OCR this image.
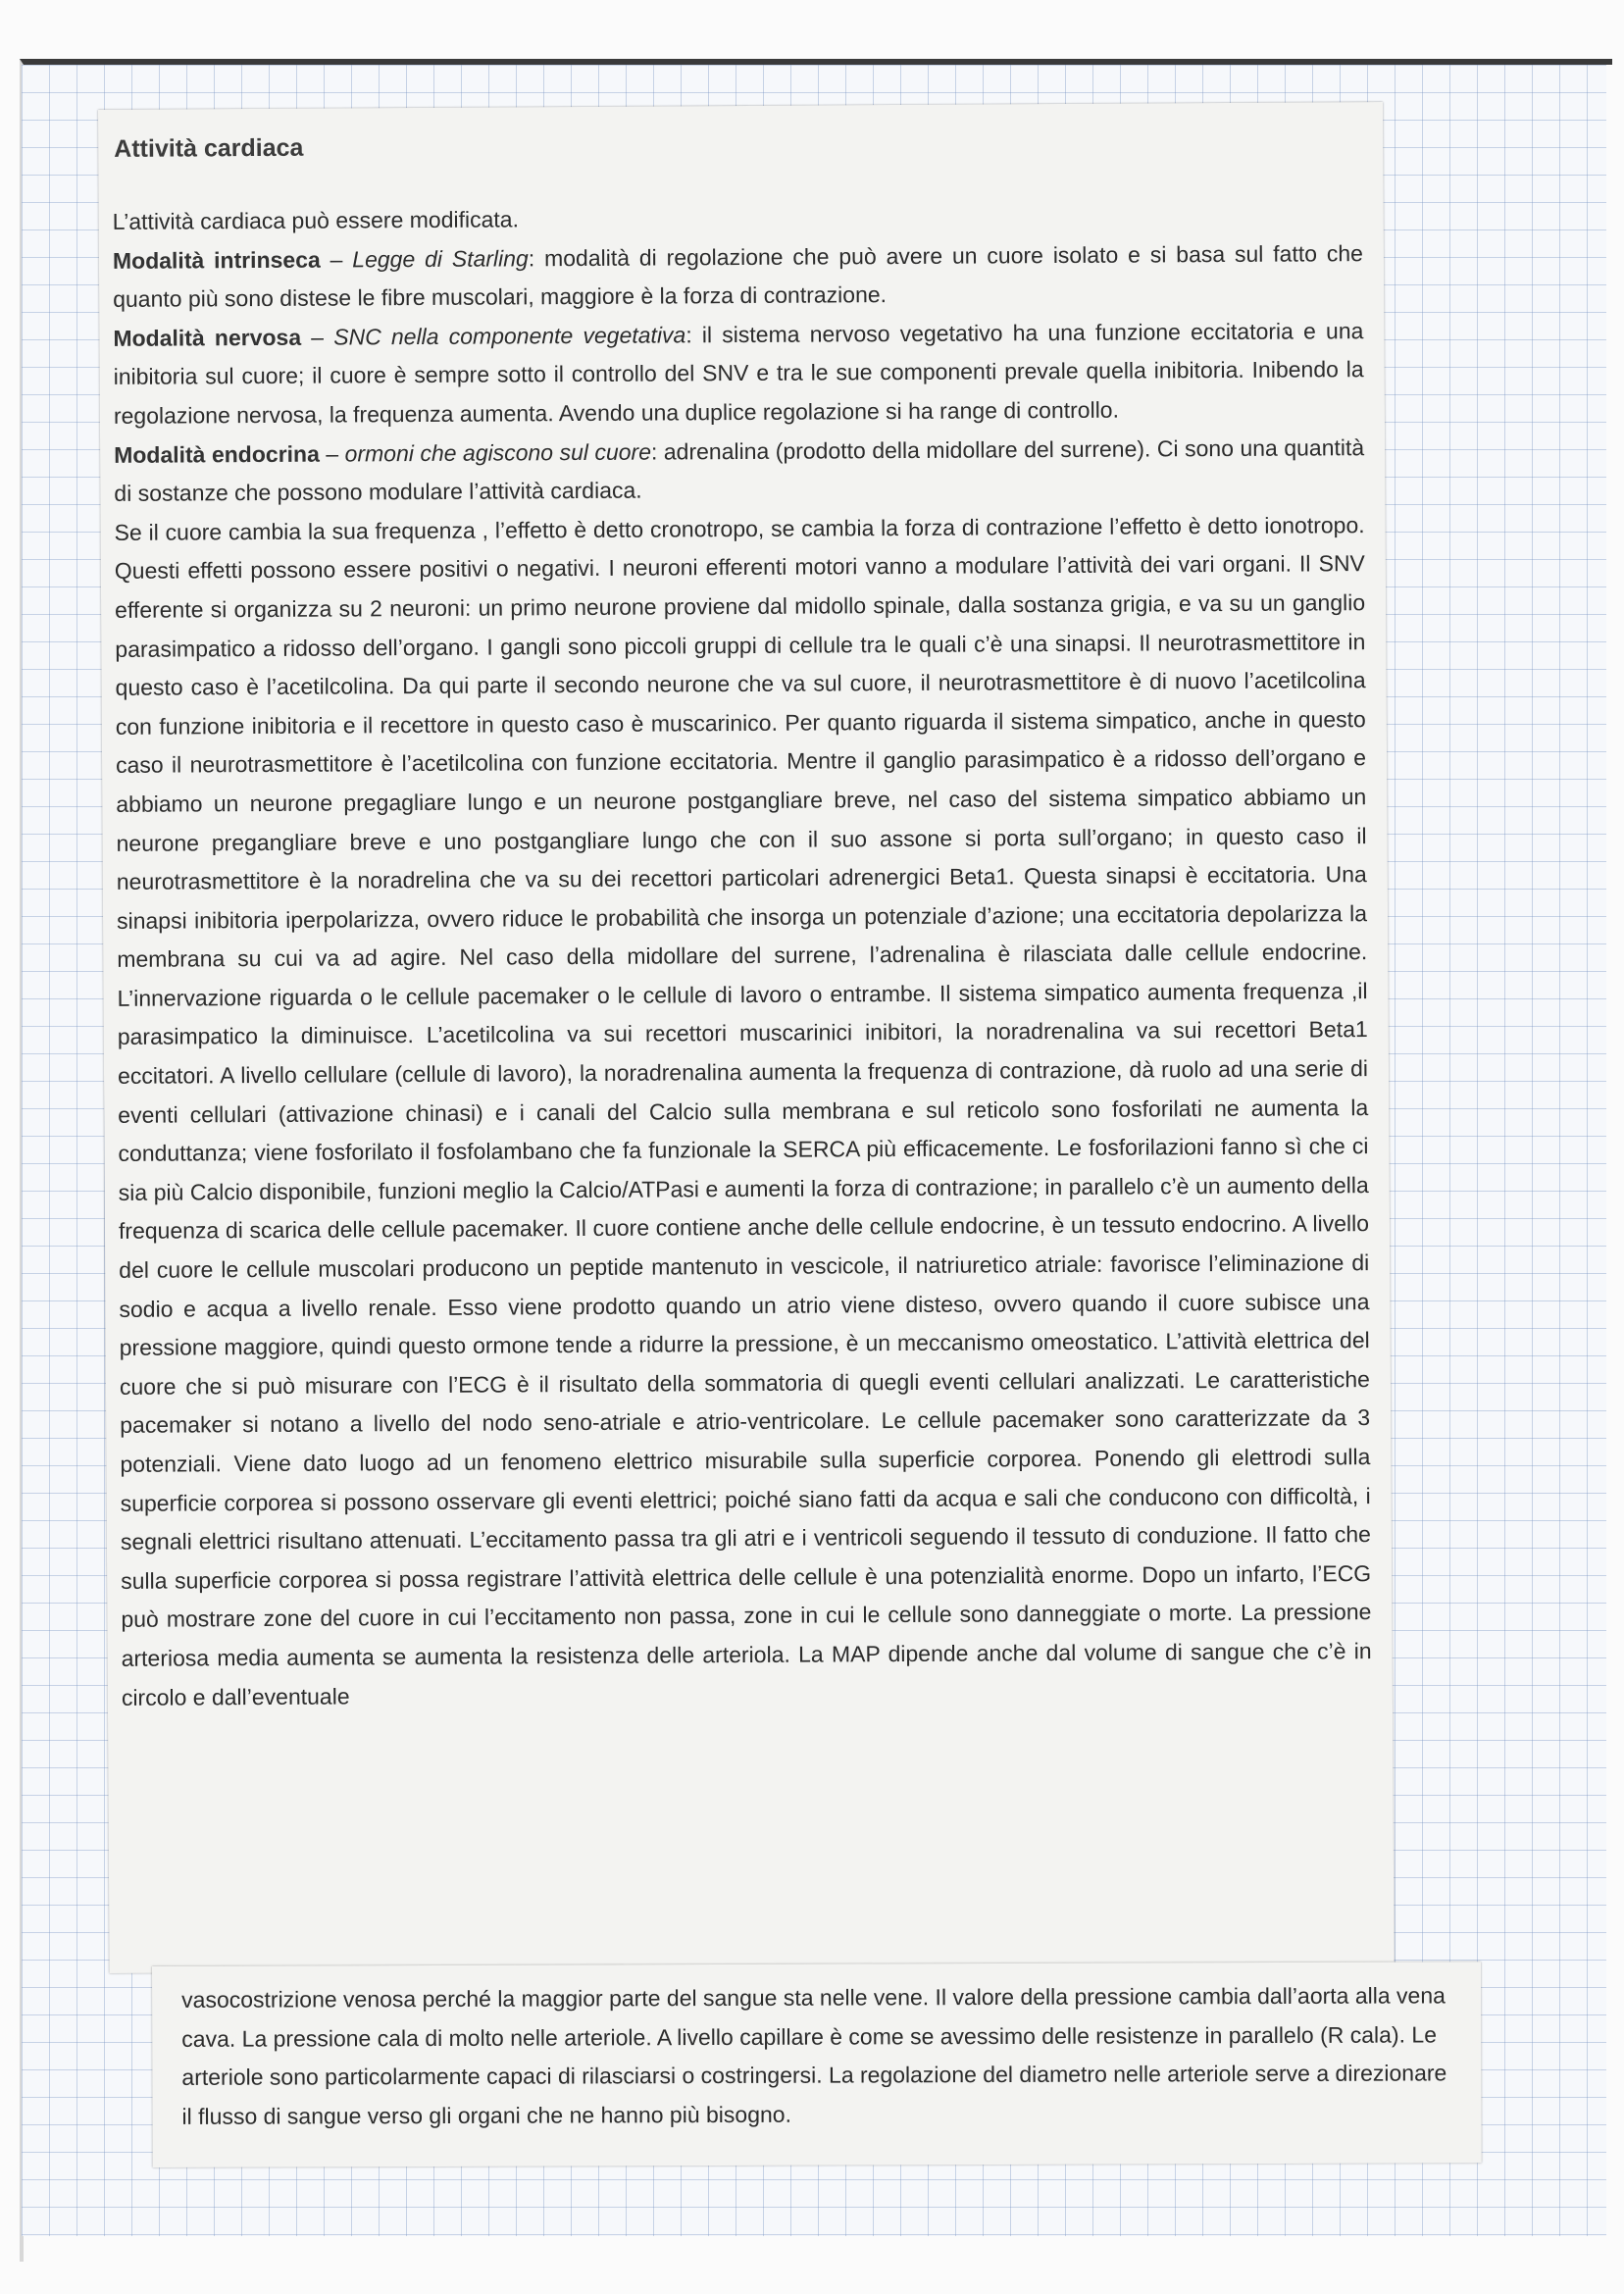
Attività cardiaca

L’attività cardiaca può essere modificata.

Modalità intrinseca – Legge di Starling: modalità di regolazione che può avere un cuore isolato e si basa sul fatto che quanto più sono distese le fibre muscolari, maggiore è la forza di contrazione.

Modalità nervosa – SNC nella componente vegetativa: il sistema nervoso vegetativo ha una funzione eccitatoria e una inibitoria sul cuore; il cuore è sempre sotto il controllo del SNV e tra le sue componenti prevale quella inibitoria. Inibendo la regolazione nervosa, la frequenza aumenta. Avendo una duplice regolazione si ha range di controllo.

Modalità endocrina – ormoni che agiscono sul cuore: adrenalina (prodotto della midollare del surrene). Ci sono una quantità di sostanze che possono modulare l’attività cardiaca.

Se il cuore cambia la sua frequenza , l’effetto è detto cronotropo, se cambia la forza di contrazione l’effetto è detto ionotropo. Questi effetti possono essere positivi o negativi. I neuroni efferenti motori vanno a modulare l’attività dei vari organi. Il SNV efferente si organizza su 2 neuroni: un primo neurone proviene dal midollo spinale, dalla sostanza grigia, e va su un ganglio parasimpatico a ridosso dell’organo. I gangli sono piccoli gruppi di cellule tra le quali c’è una sinapsi. Il neurotrasmettitore in questo caso è l’acetilcolina. Da qui parte il secondo neurone che va sul cuore, il neurotrasmettitore è di nuovo l’acetilcolina con funzione inibitoria e il recettore in questo caso è muscarinico. Per quanto riguarda il sistema simpatico, anche in questo caso il neurotrasmettitore è l’acetilcolina con funzione eccitatoria. Mentre il ganglio parasimpatico è a ridosso dell’organo e abbiamo un neurone pregagliare lungo e un neurone postgangliare breve, nel caso del sistema simpatico abbiamo un neurone pregangliare breve e uno postgangliare lungo che con il suo assone si porta sull’organo; in questo caso il neurotrasmettitore è la noradrelina che va su dei recettori particolari adrenergici Beta1. Questa sinapsi è eccitatoria. Una sinapsi inibitoria iperpolarizza, ovvero riduce le probabilità che insorga un potenziale d’azione; una eccitatoria depolarizza la membrana su cui va ad agire. Nel caso della midollare del surrene, l’adrenalina è rilasciata dalle cellule endocrine. L’innervazione riguarda o le cellule pacemaker o le cellule di lavoro o entrambe. Il sistema simpatico aumenta frequenza ,il parasimpatico la diminuisce. L’acetilcolina va sui recettori muscarinici inibitori, la noradrenalina va sui recettori Beta1 eccitatori. A livello cellulare (cellule di lavoro), la noradrenalina aumenta la frequenza di contrazione, dà ruolo ad una serie di eventi cellulari (attivazione chinasi) e i canali del Calcio sulla membrana e sul reticolo sono fosforilati ne aumenta la conduttanza; viene fosforilato il fosfolambano che fa funzionale la SERCA più efficacemente. Le fosforilazioni fanno sì che ci sia più Calcio disponibile, funzioni meglio la Calcio/ATPasi e aumenti la forza di contrazione; in parallelo c’è un aumento della frequenza di scarica delle cellule pacemaker. Il cuore contiene anche delle cellule endocrine, è un tessuto endocrino. A livello del cuore le cellule muscolari producono un peptide mantenuto in vescicole, il natriuretico atriale: favorisce l’eliminazione di sodio e acqua a livello renale. Esso viene prodotto quando un atrio viene disteso, ovvero quando il cuore subisce una pressione maggiore, quindi questo ormone tende a ridurre la pressione, è un meccanismo omeostatico. L’attività elettrica del cuore che si può misurare con l’ECG è il risultato della sommatoria di quegli eventi cellulari analizzati. Le caratteristiche pacemaker si notano a livello del nodo seno-atriale e atrio-ventricolare. Le cellule pacemaker sono caratterizzate da 3 potenziali. Viene dato luogo ad un fenomeno elettrico misurabile sulla superficie corporea. Ponendo gli elettrodi sulla superficie corporea si possono osservare gli eventi elettrici; poiché siano fatti da acqua e sali che conducono con difficoltà, i segnali elettrici risultano attenuati. L’eccitamento passa tra gli atri e i ventricoli seguendo il tessuto di conduzione. Il fatto che sulla superficie corporea si possa registrare l’attività elettrica delle cellule è una potenzialità enorme. Dopo un infarto, l’ECG può mostrare zone del cuore in cui l’eccitamento non passa, zone in cui le cellule sono danneggiate o morte. La pressione arteriosa media aumenta se aumenta la resistenza delle arteriola. La MAP dipende anche dal volume di sangue che c’è in circolo e dall’eventuale

vasocostrizione venosa perché la maggior parte del sangue sta nelle vene. Il valore della pressione cambia dall’aorta alla vena cava. La pressione cala di molto nelle arteriole. A livello capillare è come se avessimo delle resistenze in parallelo (R cala). Le arteriole sono particolarmente capaci di rilasciarsi o costringersi. La regolazione del diametro nelle arteriole serve a direzionare il flusso di sangue verso gli organi che ne hanno più bisogno.
